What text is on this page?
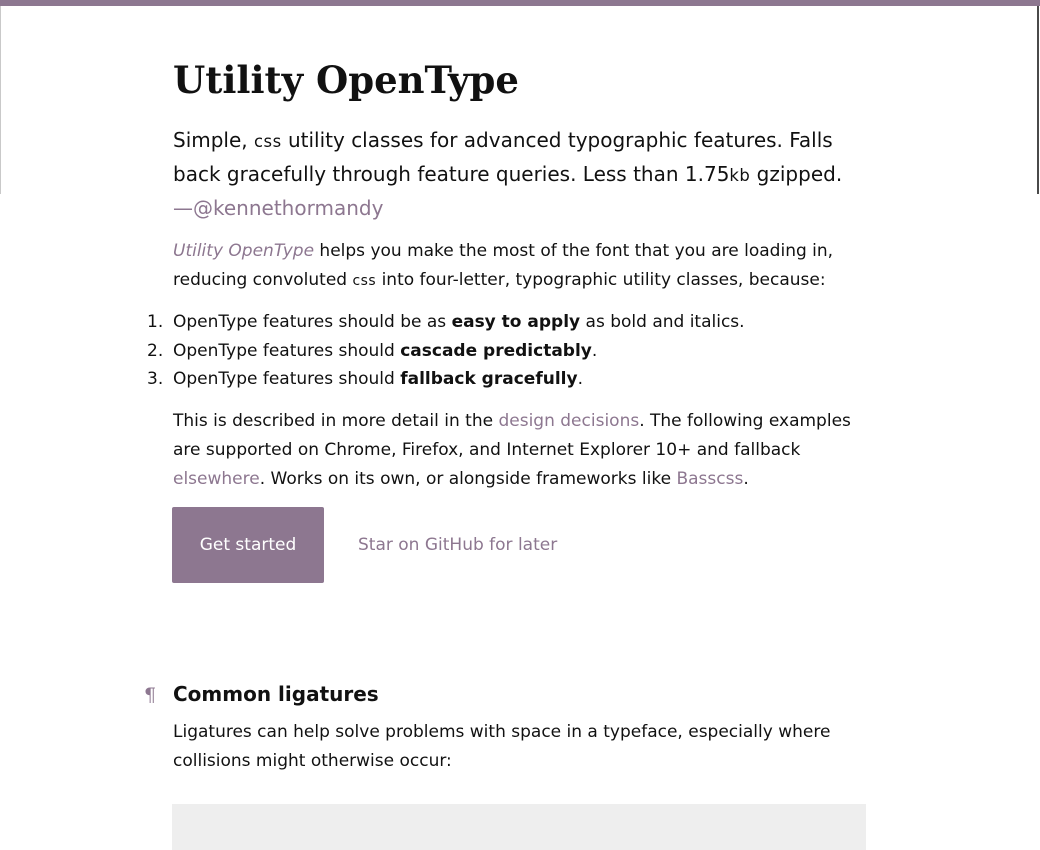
Utility OpenType

Simple, css utility classes for advanced typographic features. Falls back gracefully through feature queries. Less than 1.75kb gzipped.
—@kennethormandy

Utility OpenType helps you make the most of the font that you are loading in, reducing convoluted css into four-letter, typographic utility classes, because:

1. OpenType features should be as easy to apply as bold and italics.
2. OpenType features should cascade predictably.
3. OpenType features should fallback gracefully.

This is described in more detail in the design decisions. The following examples are supported on Chrome, Firefox, and Internet Explorer 10+ and fallback elsewhere. Works on its own, or alongside frameworks like Basscss.

Get started	Star on GitHub for later
¶ Common ligatures

Ligatures can help solve problems with space in a typeface, especially where collisions might otherwise occur:
